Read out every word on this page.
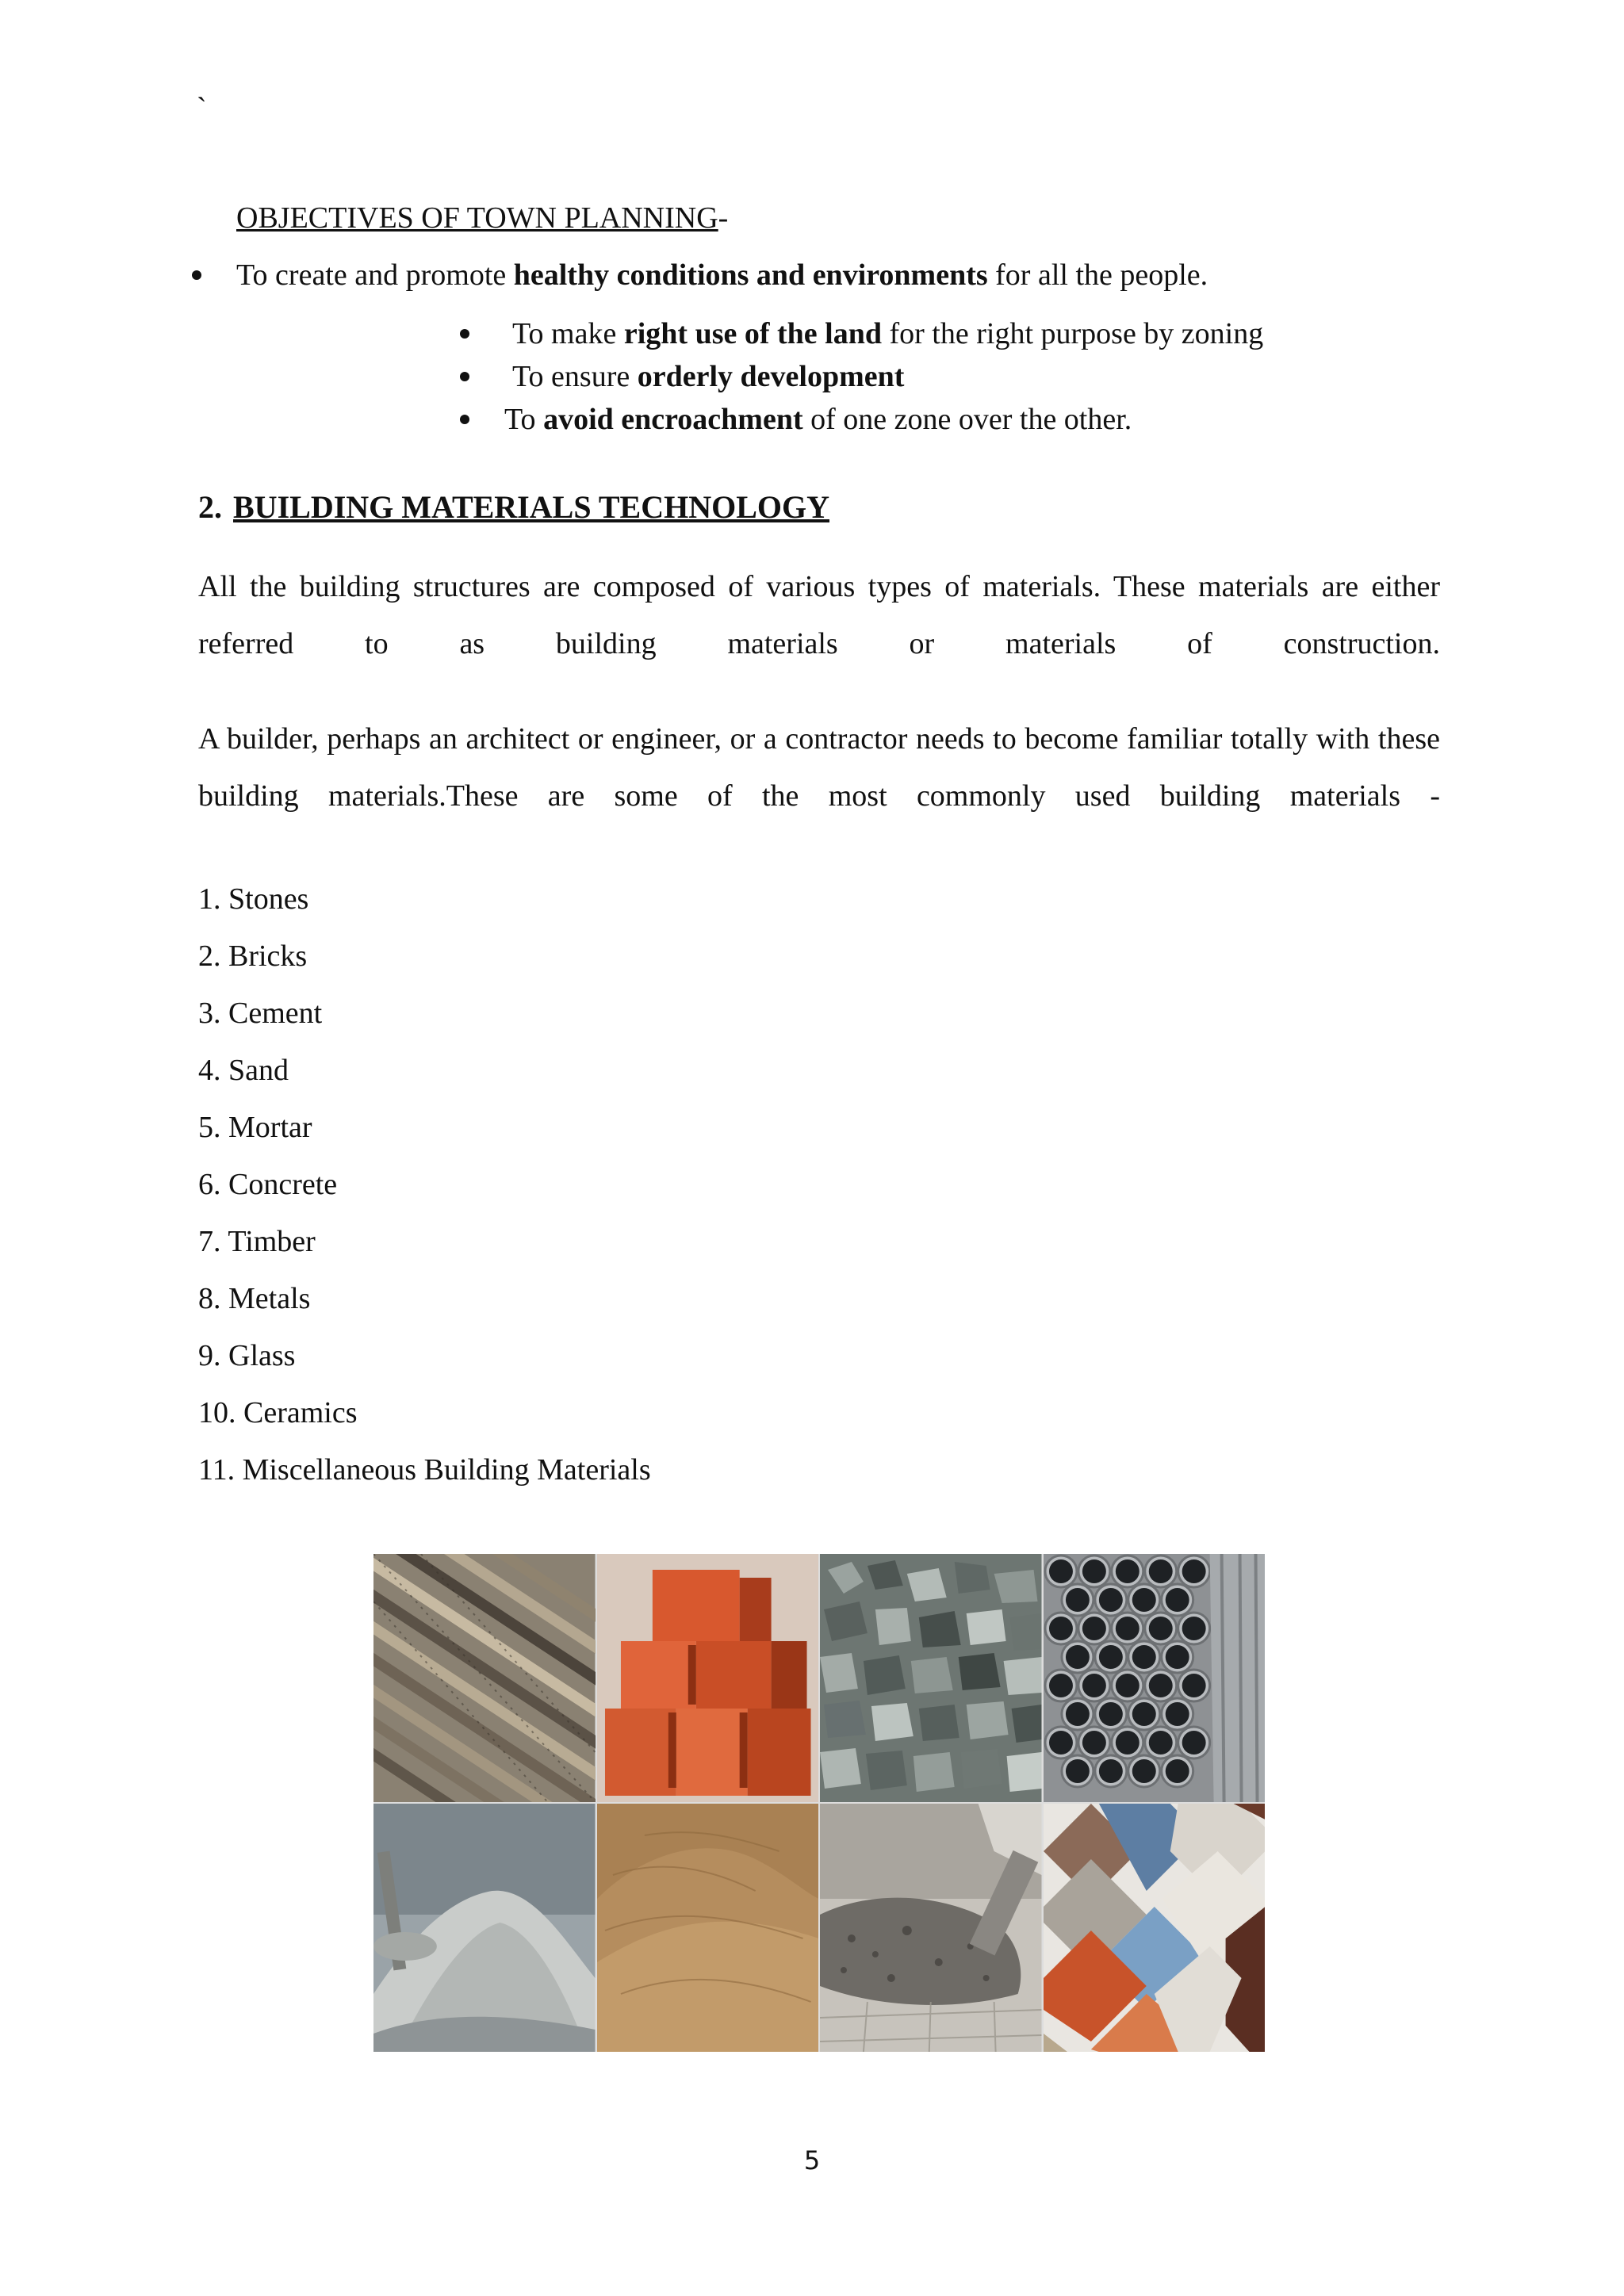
`
OBJECTIVES OF TOWN PLANNING-
To create and promote healthy conditions and environments for all the people.
To make right use of the land for the right purpose by zoning
To ensure orderly development
To avoid encroachment of one zone over the other.
2. BUILDING MATERIALS TECHNOLOGY
All the building structures are composed of various types of materials. These materials are either referred to as building materials or materials of construction.
A builder, perhaps an architect or engineer, or a contractor needs to become familiar totally with these building materials.These are some of the most commonly used building materials -
1. Stones
2. Bricks
3. Cement
4. Sand
5. Mortar
6. Concrete
7. Timber
8. Metals
9. Glass
10. Ceramics
11. Miscellaneous Building Materials
5
